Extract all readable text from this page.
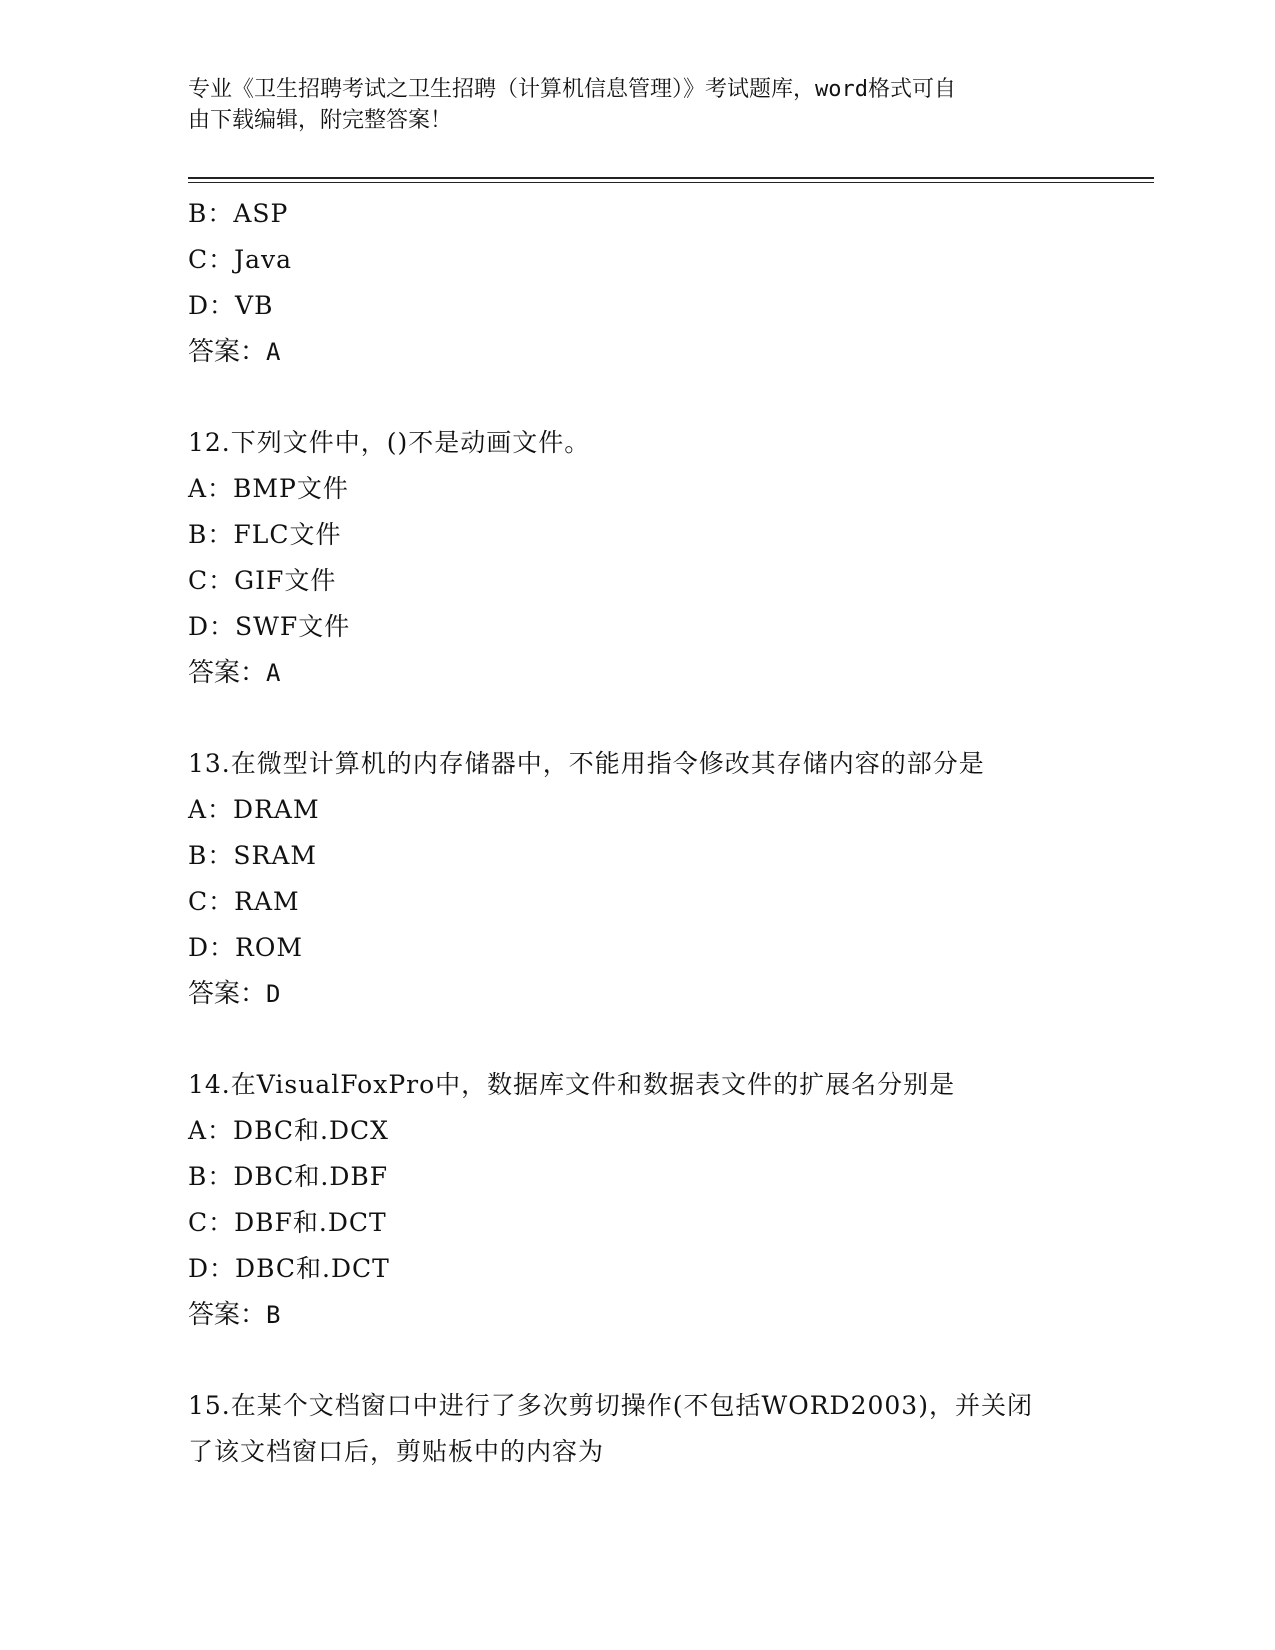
专业《卫生招聘考试之卫生招聘（计算机信息管理）》考试题库，word格式可自
由下载编辑，附完整答案！
B：ASP
C：Java
D：VB
答案：A
12.下列文件中，()不是动画文件。
A：BMP文件
B：FLC文件
C：GIF文件
D：SWF文件
答案：A
13.在微型计算机的内存储器中，不能用指令修改其存储内容的部分是
A：DRAM
B：SRAM
C：RAM
D：ROM
答案：D
14.在VisualFoxPro中，数据库文件和数据表文件的扩展名分别是
A：DBC和.DCX
B：DBC和.DBF
C：DBF和.DCT
D：DBC和.DCT
答案：B
15.在某个文档窗口中进行了多次剪切操作(不包括WORD2003)，并关闭
了该文档窗口后，剪贴板中的内容为
